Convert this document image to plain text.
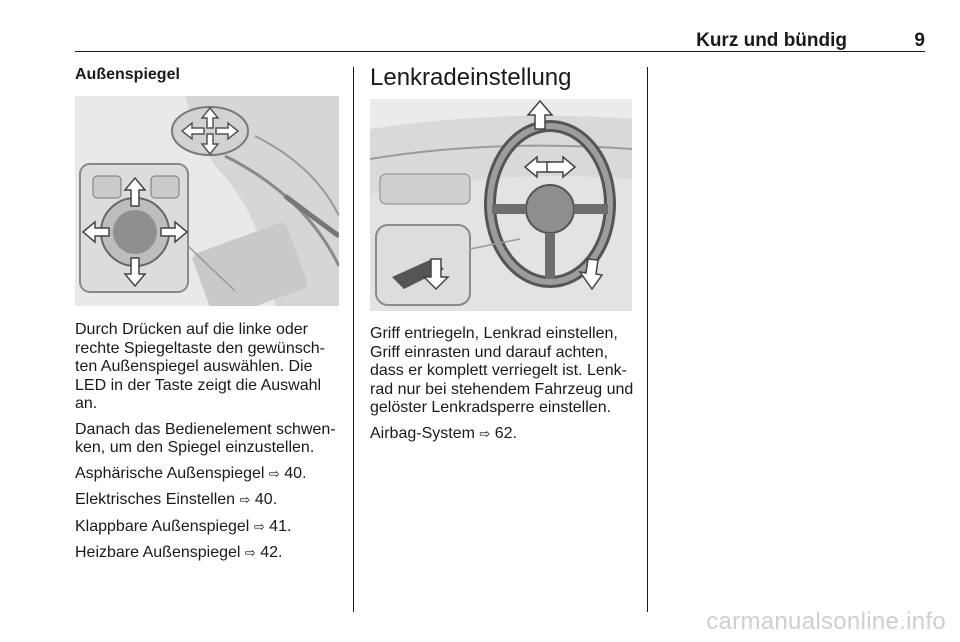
Kurz und bündig	9
Außenspiegel

Durch Drücken auf die linke oder rechte Spiegeltaste den gewünsch-ten Außenspiegel auswählen. Die LED in der Taste zeigt die Auswahl an.

Danach das Bedienelement schwen-ken, um den Spiegel einzustellen.

Asphärische Außenspiegel ⇨ 40.

Elektrisches Einstellen ⇨ 40.

Klappbare Außenspiegel ⇨ 41.

Heizbare Außenspiegel ⇨ 42.

Lenkradeinstellung

Griff entriegeln, Lenkrad einstellen, Griff einrasten und darauf achten, dass er komplett verriegelt ist. Lenk-rad nur bei stehendem Fahrzeug und gelöster Lenkradsperre einstellen.

Airbag-System ⇨ 62.

carmanualsonline.info
